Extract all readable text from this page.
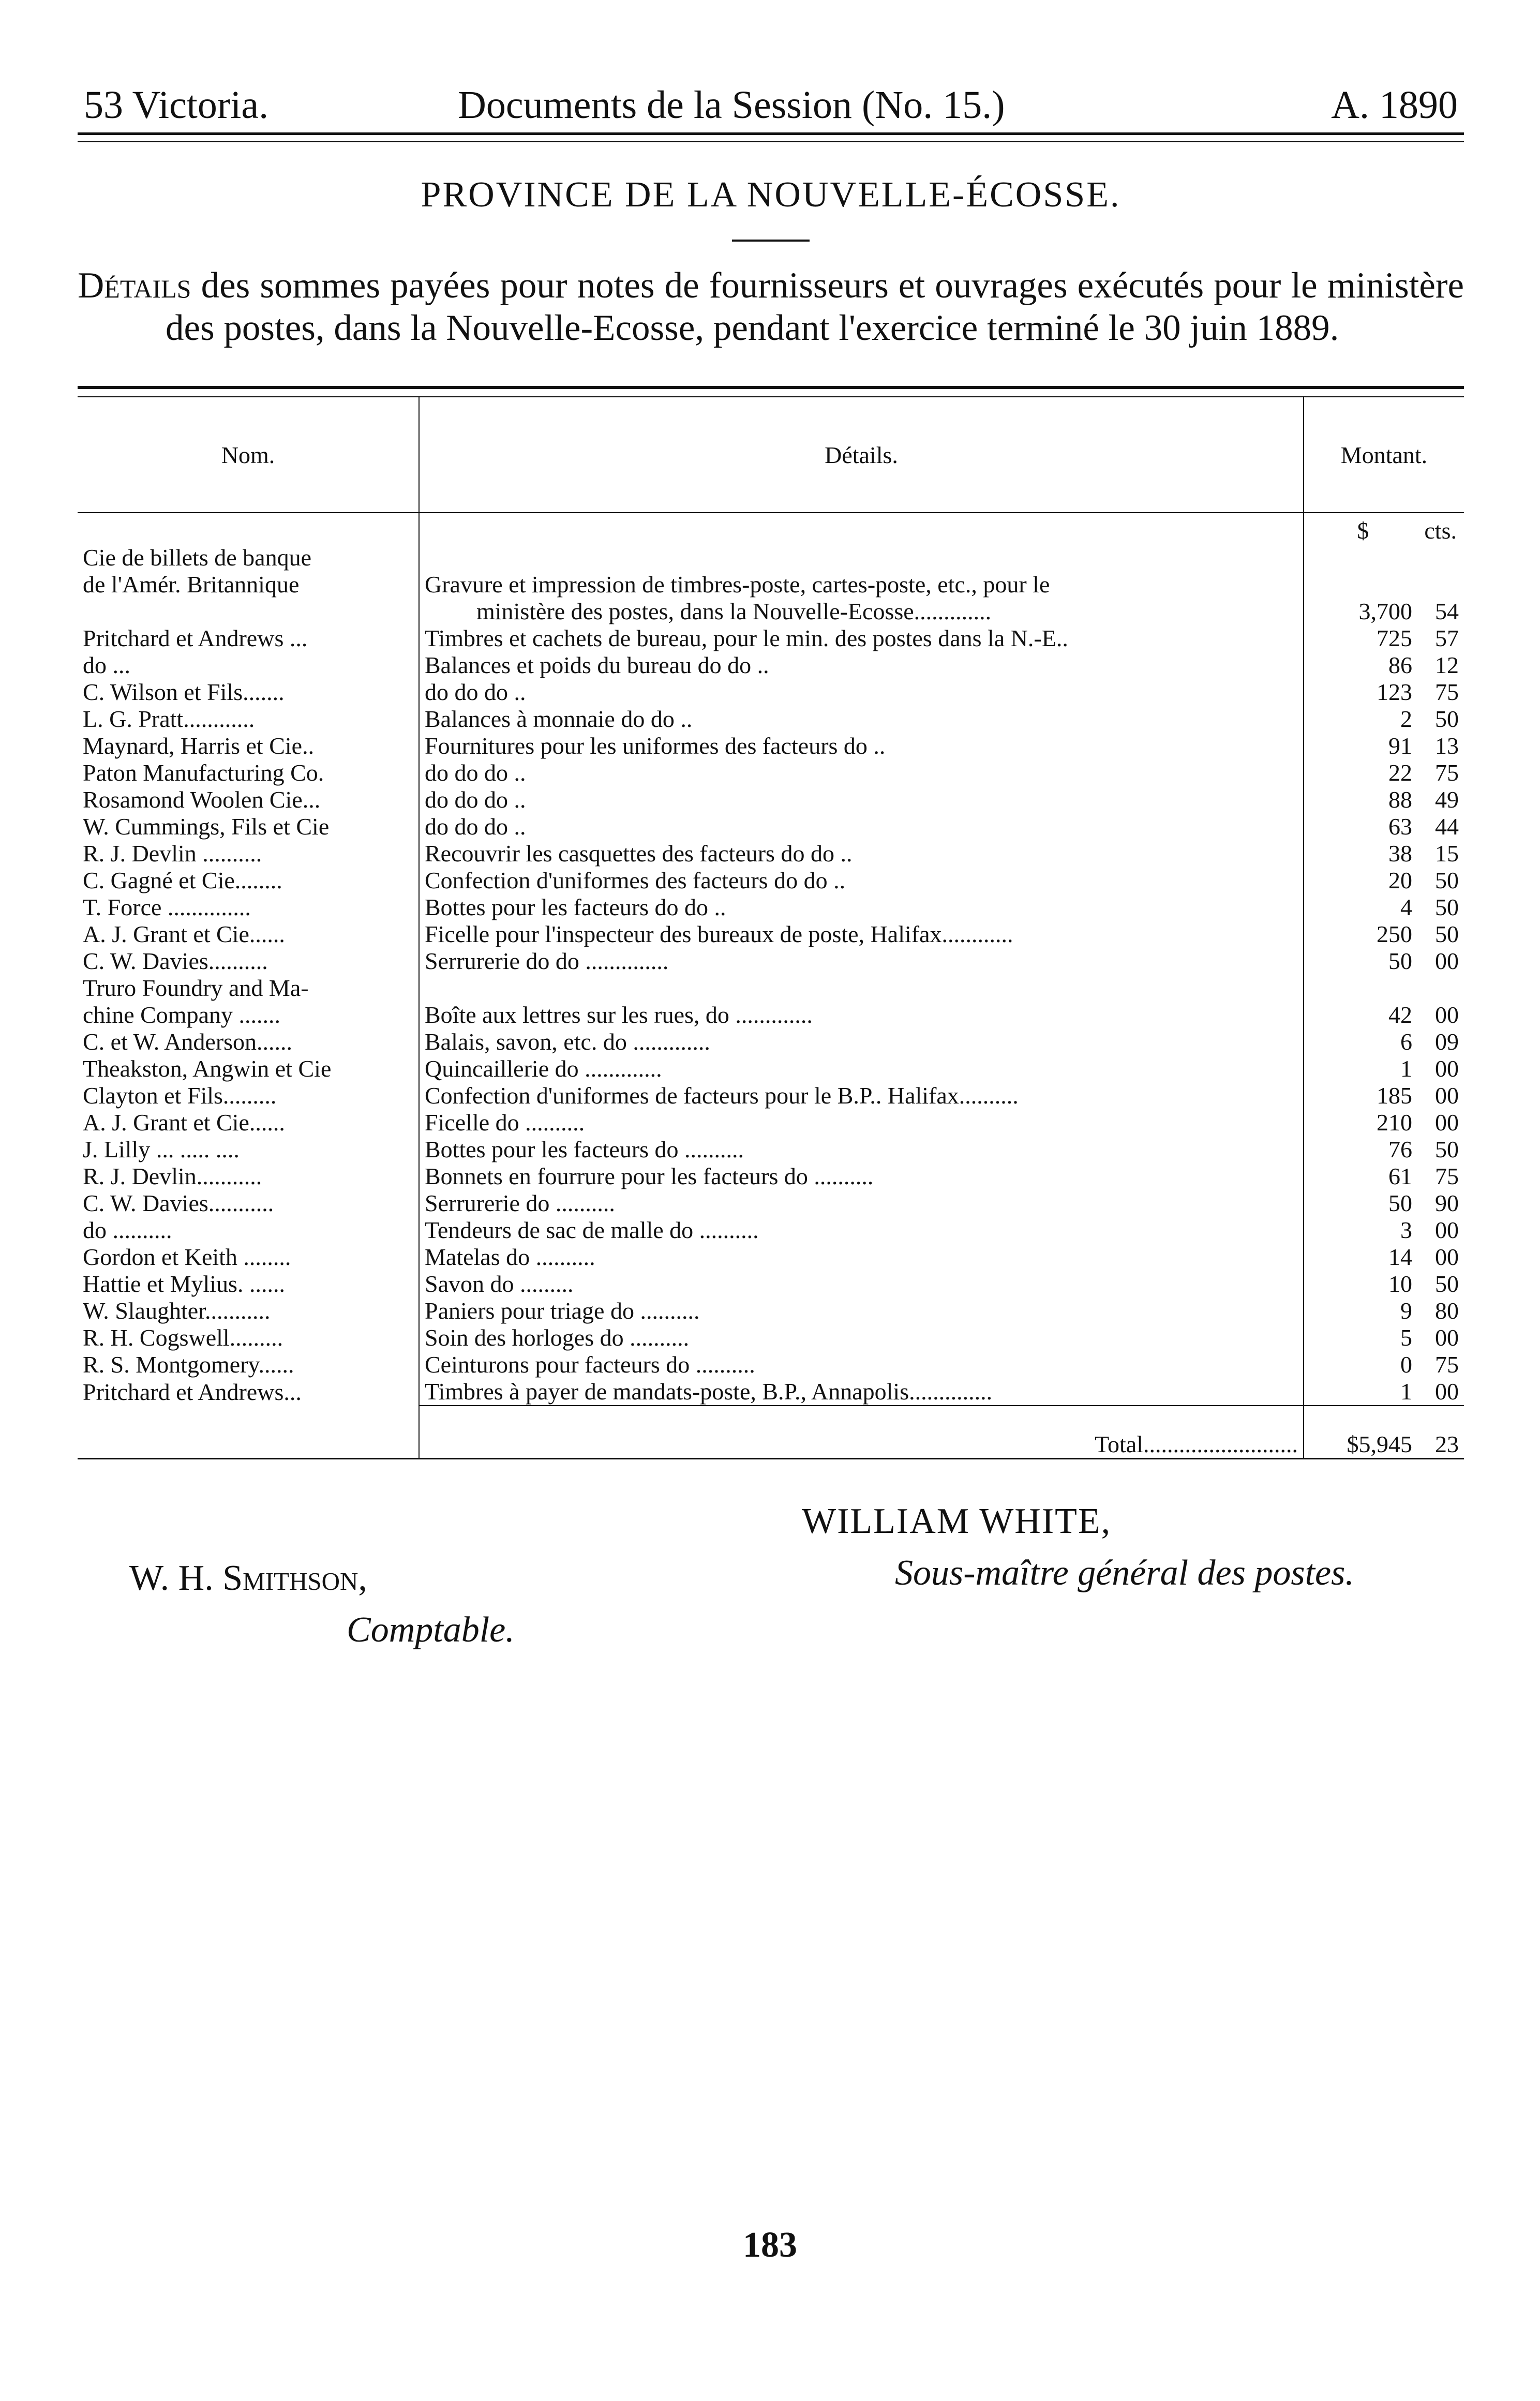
53 Victoria.	Documents de la Session (No. 15.)	A. 1890
PROVINCE DE LA NOUVELLE-ÉCOSSE.

Détails des sommes payées pour notes de fournisseurs et ouvrages exécutés pour le ministère des postes, dans la Nouvelle-Ecosse, pendant l'exercice terminé le 30 juin 1889.

Nom.	Détails.	Montant.
		$ cts.
Cie de billets de banque		
de l'Amér. Britannique	Gravure et impression de timbres-poste, cartes-poste, etc., pour le	
	ministère des postes, dans la Nouvelle-Ecosse.............	3,700 54
Pritchard et Andrews ...	Timbres et cachets de bureau, pour le min. des postes dans la N.-E..	725 57
do ...	Balances et poids du bureau do do ..	86 12
C. Wilson et Fils.......	do do do ..	123 75
L. G. Pratt............	Balances à monnaie do do ..	2 50
Maynard, Harris et Cie..	Fournitures pour les uniformes des facteurs do ..	91 13
Paton Manufacturing Co.	do do do ..	22 75
Rosamond Woolen Cie...	do do do ..	88 49
W. Cummings, Fils et Cie	do do do ..	63 44
R. J. Devlin ..........	Recouvrir les casquettes des facteurs do do ..	38 15
C. Gagné et Cie........	Confection d'uniformes des facteurs do do ..	20 50
T. Force ..............	Bottes pour les facteurs do do ..	4 50
A. J. Grant et Cie......	Ficelle pour l'inspecteur des bureaux de poste, Halifax............	250 50
C. W. Davies..........	Serrurerie do do ..............	50 00
Truro Foundry and Ma-		
chine Company .......	Boîte aux lettres sur les rues, do .............	42 00
C. et W. Anderson......	Balais, savon, etc. do .............	6 09
Theakston, Angwin et Cie	Quincaillerie do .............	1 00
Clayton et Fils.........	Confection d'uniformes de facteurs pour le B.P.. Halifax..........	185 00
A. J. Grant et Cie......	Ficelle do ..........	210 00
J. Lilly ... ..... ....	Bottes pour les facteurs do ..........	76 50
R. J. Devlin...........	Bonnets en fourrure pour les facteurs do ..........	61 75
C. W. Davies...........	Serrurerie do ..........	50 90
do ..........	Tendeurs de sac de malle do ..........	3 00
Gordon et Keith ........	Matelas do ..........	14 00
Hattie et Mylius. ......	Savon do .........	10 50
W. Slaughter...........	Paniers pour triage do ..........	9 80
R. H. Cogswell.........	Soin des horloges do ..........	5 00
R. S. Montgomery......	Ceinturons pour facteurs do ..........	0 75
Pritchard et Andrews...	Timbres à payer de mandats-poste, B.P., Annapolis..............	1 00
	Total..........................	$5,945 23
WILLIAM WHITE,
Sous-maître général des postes.
W. H. Smithson,
Comptable.
183
